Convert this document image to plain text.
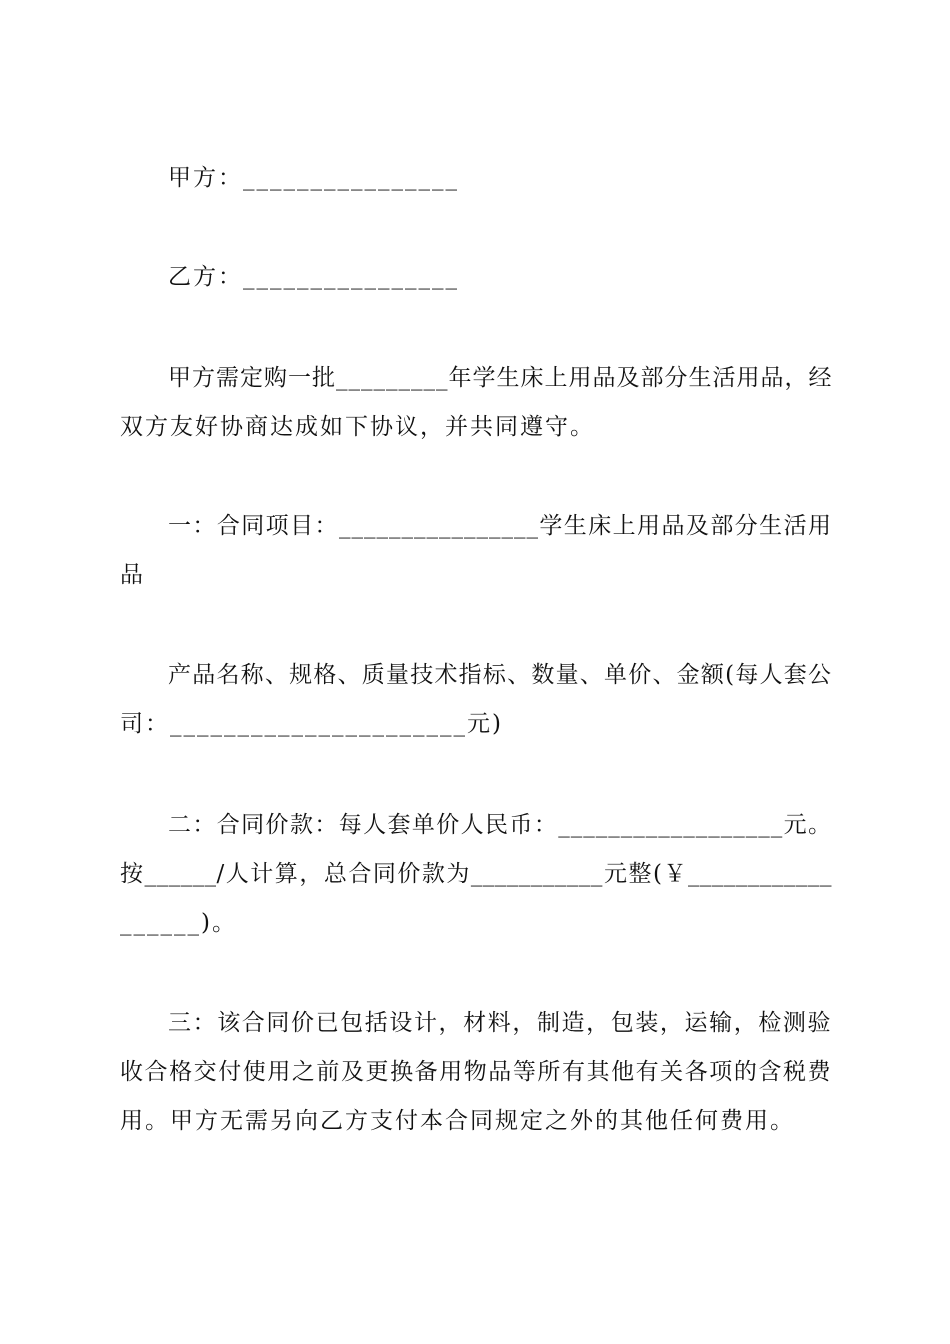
甲方：________________
乙方：________________
甲方需定购一批_________年学生床上用品及部分生活用品，经
双方友好协商达成如下协议，并共同遵守。
一：合同项目：________________学生床上用品及部分生活用
品
产品名称、规格、质量技术指标、数量、单价、金额(每人套公
司：______________________元)
二：合同价款：每人套单价人民币：__________________元。
按______/人计算，总合同价款为___________元整(￥____________
______)。
三：该合同价已包括设计，材料，制造，包装，运输，检测验
收合格交付使用之前及更换备用物品等所有其他有关各项的含税费
用。甲方无需另向乙方支付本合同规定之外的其他任何费用。
